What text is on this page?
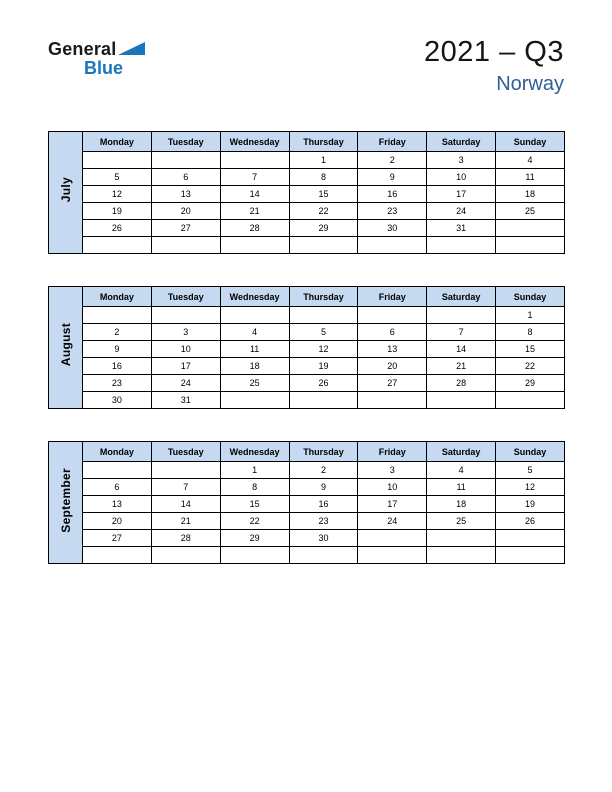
General
Blue	2021 – Q3
Norway
July	Monday	Tuesday	Wednesday	Thursday	Friday	Saturday	Sunday
				1	2	3	4
	5	6	7	8	9	10	11
	12	13	14	15	16	17	18
	19	20	21	22	23	24	25
	26	27	28	29	30	31	

August	Monday	Tuesday	Wednesday	Thursday	Friday	Saturday	Sunday
							1
	2	3	4	5	6	7	8
	9	10	11	12	13	14	15
	16	17	18	19	20	21	22
	23	24	25	26	27	28	29
	30	31					
September	Monday	Tuesday	Wednesday	Thursday	Friday	Saturday	Sunday
			1	2	3	4	5
	6	7	8	9	10	11	12
	13	14	15	16	17	18	19
	20	21	22	23	24	25	26
	27	28	29	30			
